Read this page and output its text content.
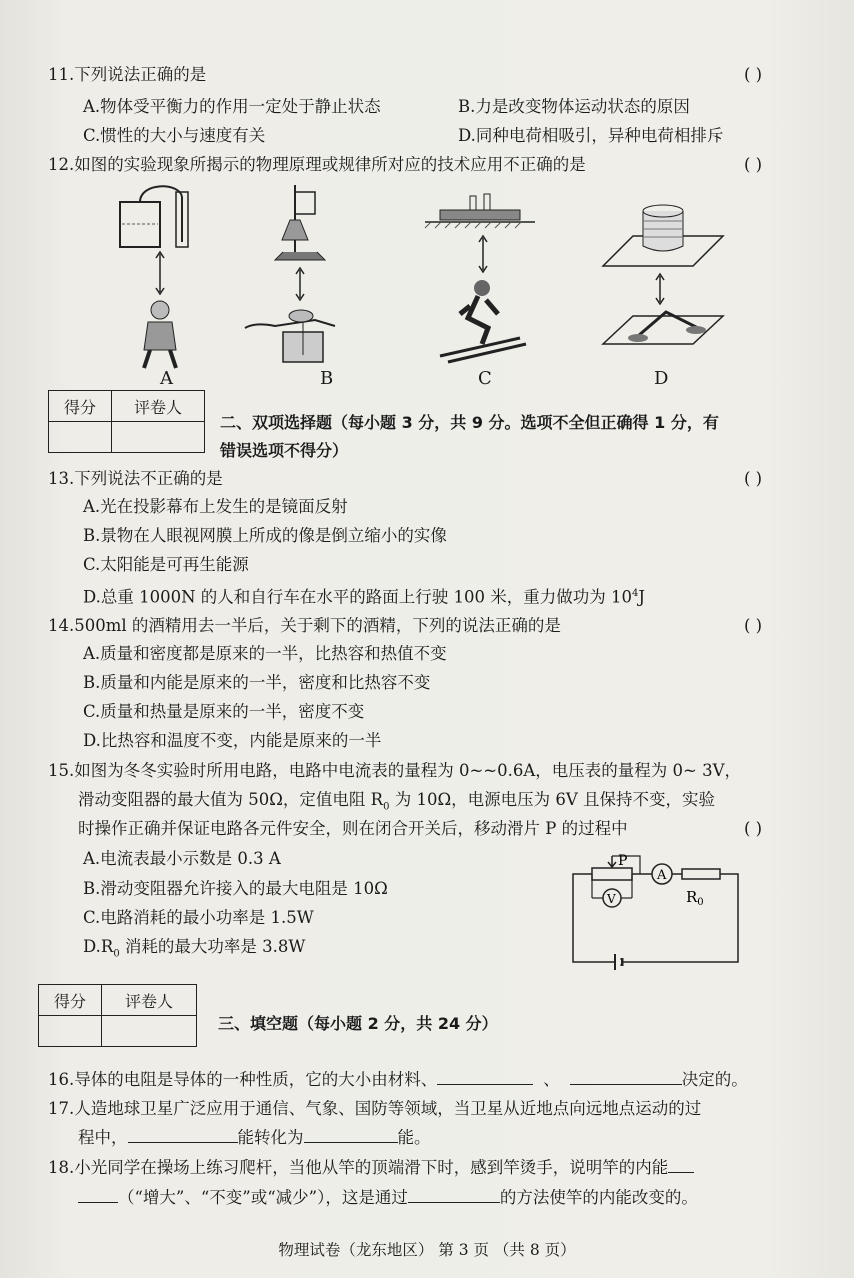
11.下列说法正确的是	( )
A.物体受平衡力的作用一定处于静止状态	B.力是改变物体运动状态的原因
C.惯性的大小与速度有关	D.同种电荷相吸引，异种电荷相排斥
12.如图的实验现象所揭示的物理原理或规律所对应的技术应用不正确的是	( )
A	B	C	D
得分	评卷人

二、双项选择题（每小题 3 分，共 9 分。选项不全但正确得 1 分，有
错误选项不得分）
13.下列说法不正确的是	( )
A.光在投影幕布上发生的是镜面反射
B.景物在人眼视网膜上所成的像是倒立缩小的实像
C.太阳能是可再生能源
D.总重 1000N 的人和自行车在水平的路面上行驶 100 米，重力做功为 $10^4J$
14.500ml 的酒精用去一半后，关于剩下的酒精，下列的说法正确的是	( )
A.质量和密度都是原来的一半，比热容和热值不变
B.质量和内能是原来的一半，密度和比热容不变
C.质量和热量是原来的一半，密度不变
D.比热容和温度不变，内能是原来的一半
15.如图为冬冬实验时所用电路，电路中电流表的量程为 0~~0.6A，电压表的量程为 0~ 3V，
滑动变阻器的最大值为 50Ω，定值电阻 $R_0$ 为 10Ω，电源电压为 6V 且保持不变，实验
时操作正确并保证电路各元件安全，则在闭合开关后，移动滑片 P 的过程中	( )
A.电流表最小示数是 0.3 A
B.滑动变阻器允许接入的最大电阻是 10Ω
C.电路消耗的最小功率是 1.5W
$D.R_0$ 消耗的最大功率是 3.8W
P
A
V	$R_0$
得分	评卷人

三、填空题（每小题 2 分，共 24 分）
16.导体的电阻是导体的一种性质，它的大小由材料、	、	决定的。
17.人造地球卫星广泛应用于通信、气象、国防等领域，当卫星从近地点向远地点运动的过
程中，	能转化为	能。
18.小光同学在操场上练习爬杆，当他从竿的顶端滑下时，感到竿烫手，说明竿的内能
（“增大”、“不变”或“减少”），这是通过	的方法使竿的内能改变的。
物理试卷（龙东地区） 第 3 页 （共 8 页）
